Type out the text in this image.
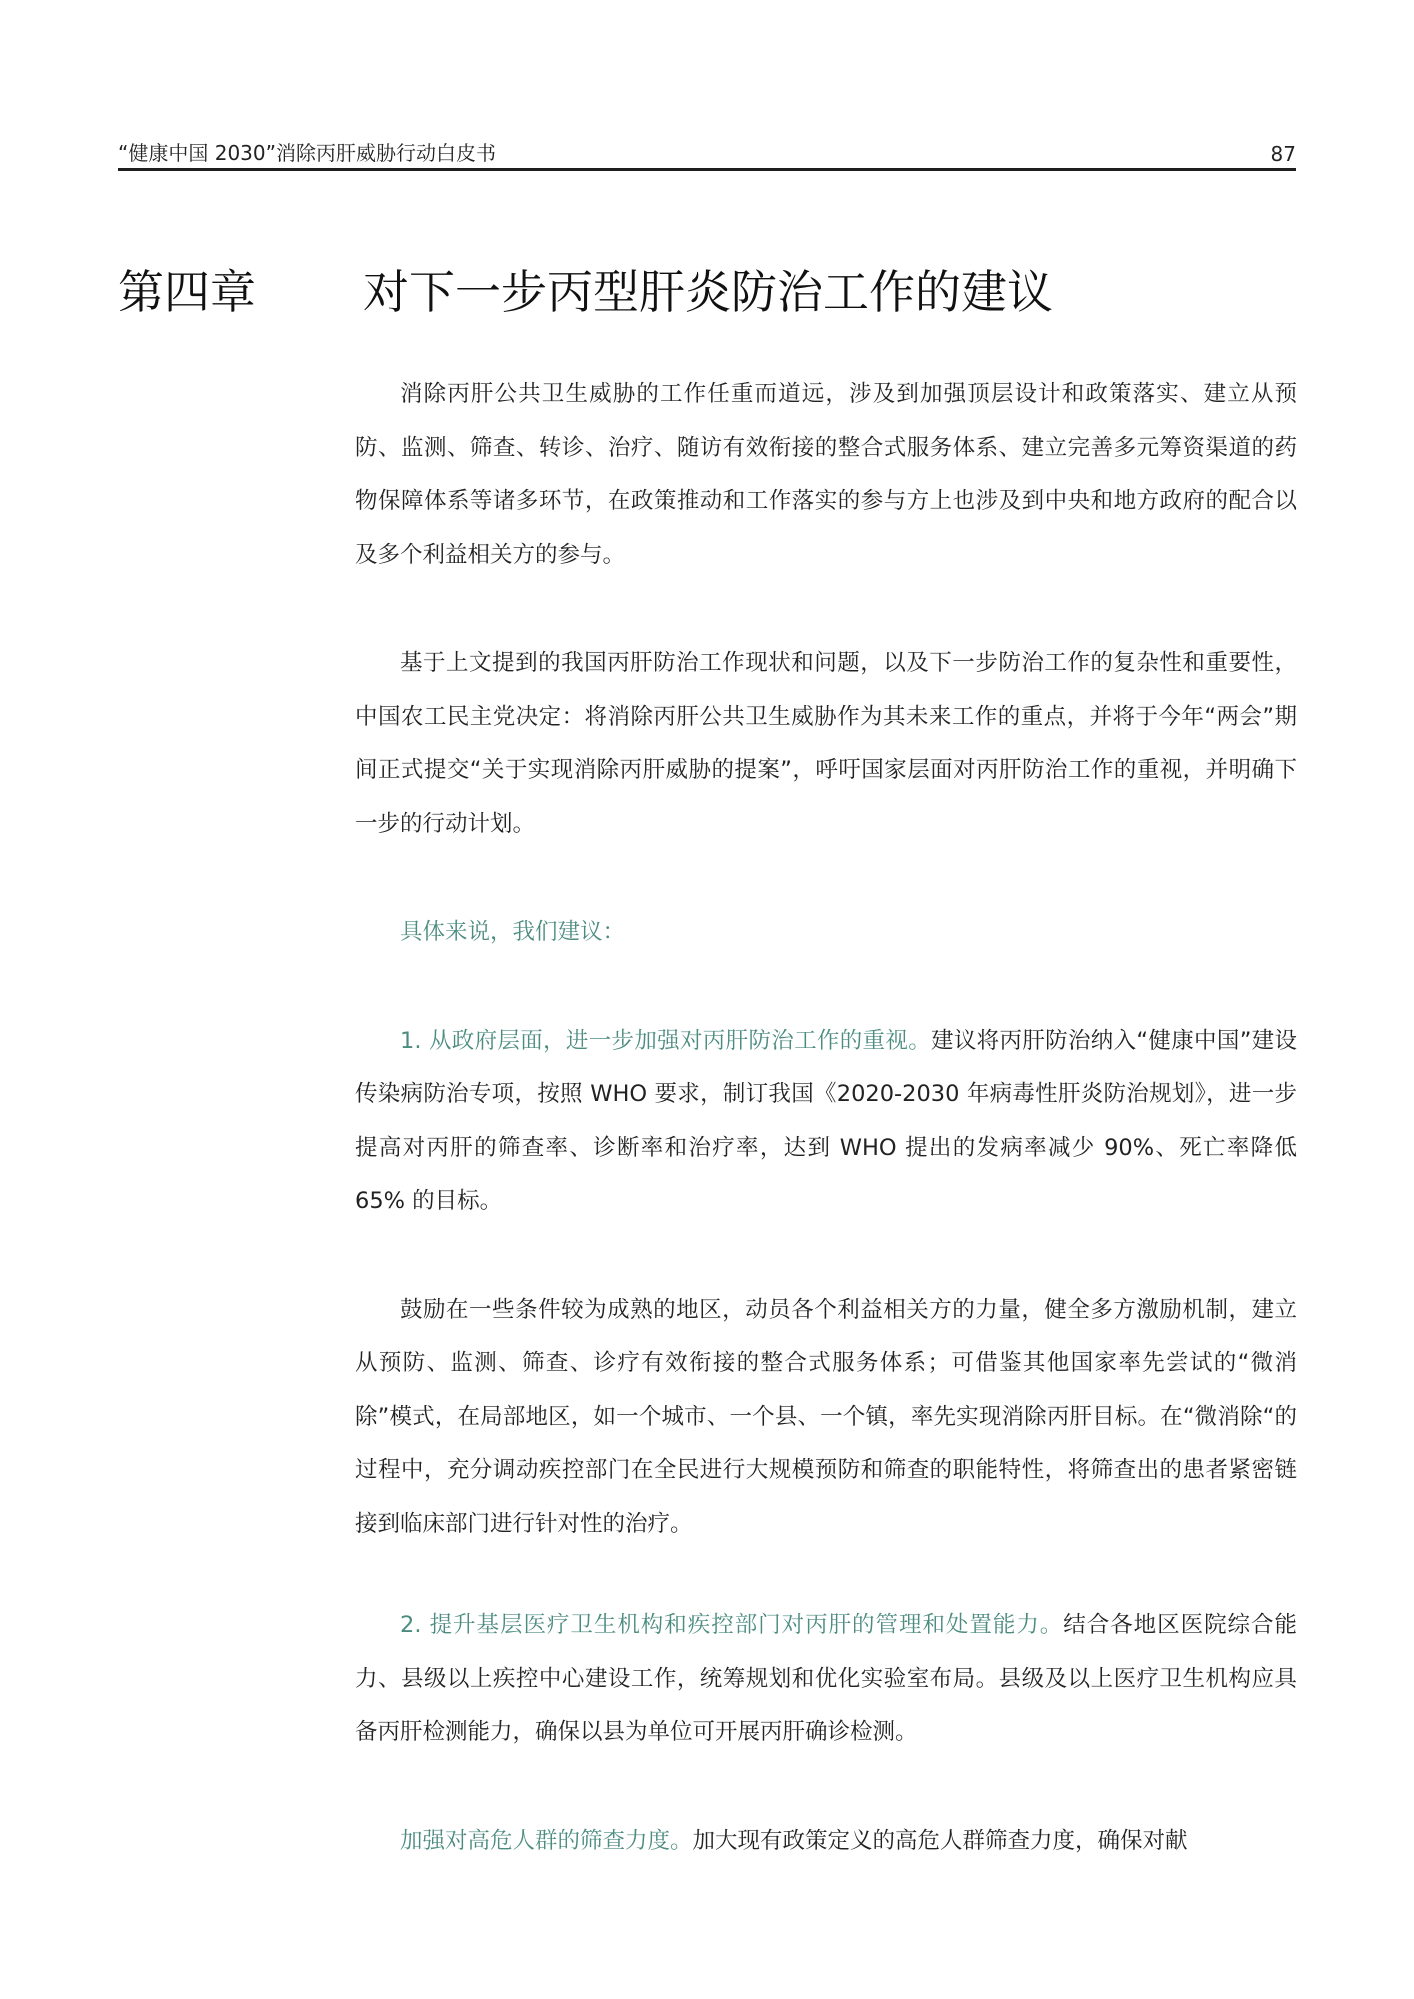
“健康中国 2030”消除丙肝威胁行动白皮书	87
第四章 对下一步丙型肝炎防治工作的建议

消除丙肝公共卫生威胁的工作任重而道远，涉及到加强顶层设计和政策落实、建立从预防、监测、筛查、转诊、治疗、随访有效衔接的整合式服务体系、建立完善多元筹资渠道的药物保障体系等诸多环节，在政策推动和工作落实的参与方上也涉及到中央和地方政府的配合以及多个利益相关方的参与。

基于上文提到的我国丙肝防治工作现状和问题，以及下一步防治工作的复杂性和重要性，中国农工民主党决定：将消除丙肝公共卫生威胁作为其未来工作的重点，并将于今年“两会”期间正式提交“关于实现消除丙肝威胁的提案”，呼吁国家层面对丙肝防治工作的重视，并明确下一步的行动计划。

具体来说，我们建议：

1. 从政府层面，进一步加强对丙肝防治工作的重视。建议将丙肝防治纳入“健康中国”建设传染病防治专项，按照 WHO 要求，制订我国《2020-2030 年病毒性肝炎防治规划》，进一步提高对丙肝的筛查率、诊断率和治疗率，达到 WHO 提出的发病率减少 90%、死亡率降低 65% 的目标。

鼓励在一些条件较为成熟的地区，动员各个利益相关方的力量，健全多方激励机制，建立从预防、监测、筛查、诊疗有效衔接的整合式服务体系；可借鉴其他国家率先尝试的“微消除”模式，在局部地区，如一个城市、一个县、一个镇，率先实现消除丙肝目标。在“微消除“的过程中，充分调动疾控部门在全民进行大规模预防和筛查的职能特性，将筛查出的患者紧密链接到临床部门进行针对性的治疗。

2. 提升基层医疗卫生机构和疾控部门对丙肝的管理和处置能力。结合各地区医院综合能力、县级以上疾控中心建设工作，统筹规划和优化实验室布局。县级及以上医疗卫生机构应具备丙肝检测能力，确保以县为单位可开展丙肝确诊检测。

加强对高危人群的筛查力度。加大现有政策定义的高危人群筛查力度，确保对献
